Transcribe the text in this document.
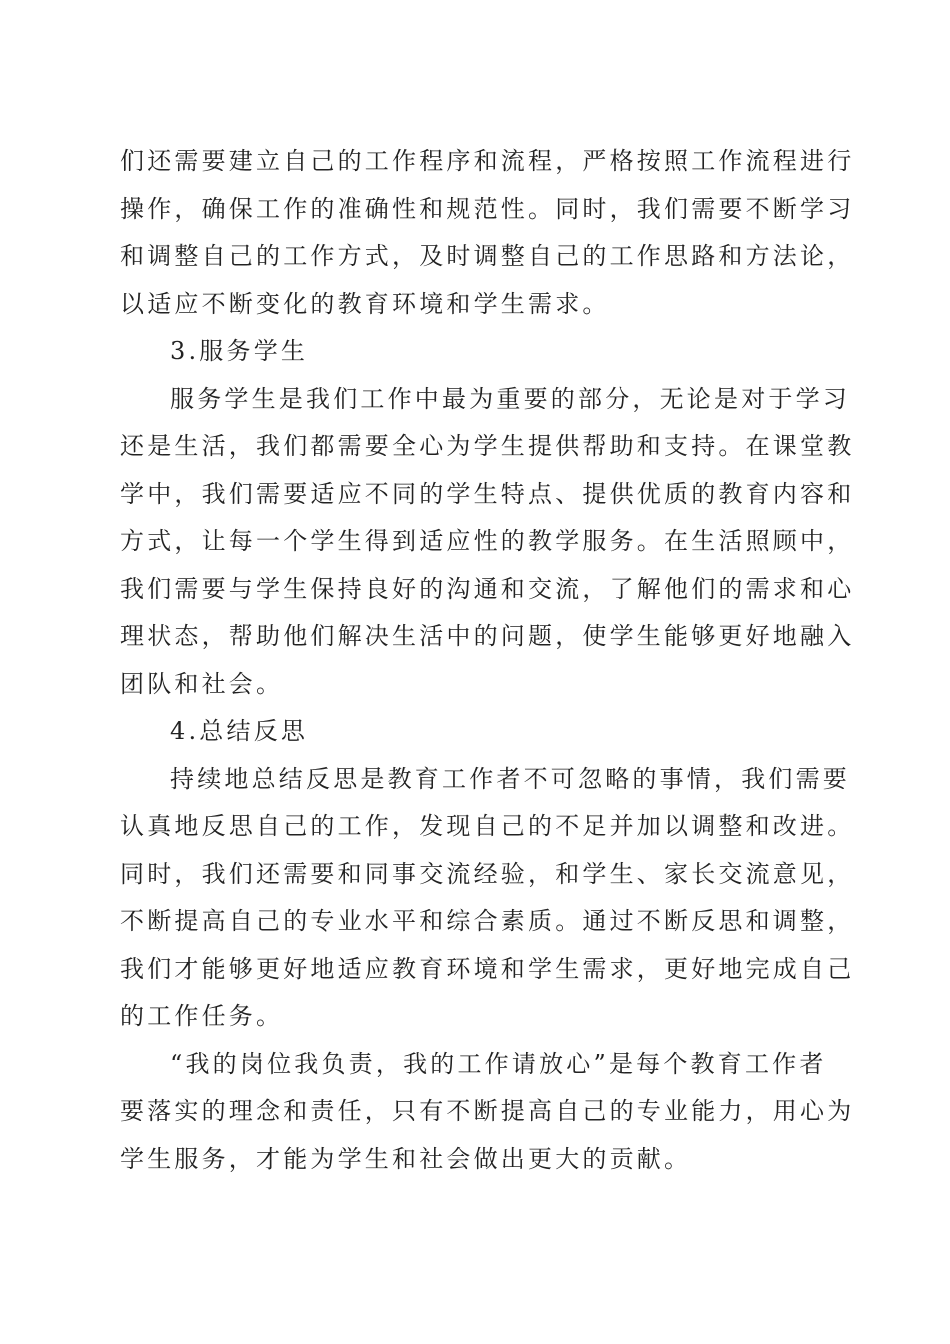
们还需要建立自己的工作程序和流程，严格按照工作流程进行
操作，确保工作的准确性和规范性。同时，我们需要不断学习
和调整自己的工作方式，及时调整自己的工作思路和方法论，
以适应不断变化的教育环境和学生需求。
3.服务学生
服务学生是我们工作中最为重要的部分，无论是对于学习
还是生活，我们都需要全心为学生提供帮助和支持。在课堂教
学中，我们需要适应不同的学生特点、提供优质的教育内容和
方式，让每一个学生得到适应性的教学服务。在生活照顾中，
我们需要与学生保持良好的沟通和交流，了解他们的需求和心
理状态，帮助他们解决生活中的问题，使学生能够更好地融入
团队和社会。
4.总结反思
持续地总结反思是教育工作者不可忽略的事情，我们需要
认真地反思自己的工作，发现自己的不足并加以调整和改进。
同时，我们还需要和同事交流经验，和学生、家长交流意见，
不断提高自己的专业水平和综合素质。通过不断反思和调整，
我们才能够更好地适应教育环境和学生需求，更好地完成自己
的工作任务。
“我的岗位我负责，我的工作请放心”是每个教育工作者
要落实的理念和责任，只有不断提高自己的专业能力，用心为
学生服务，才能为学生和社会做出更大的贡献。
